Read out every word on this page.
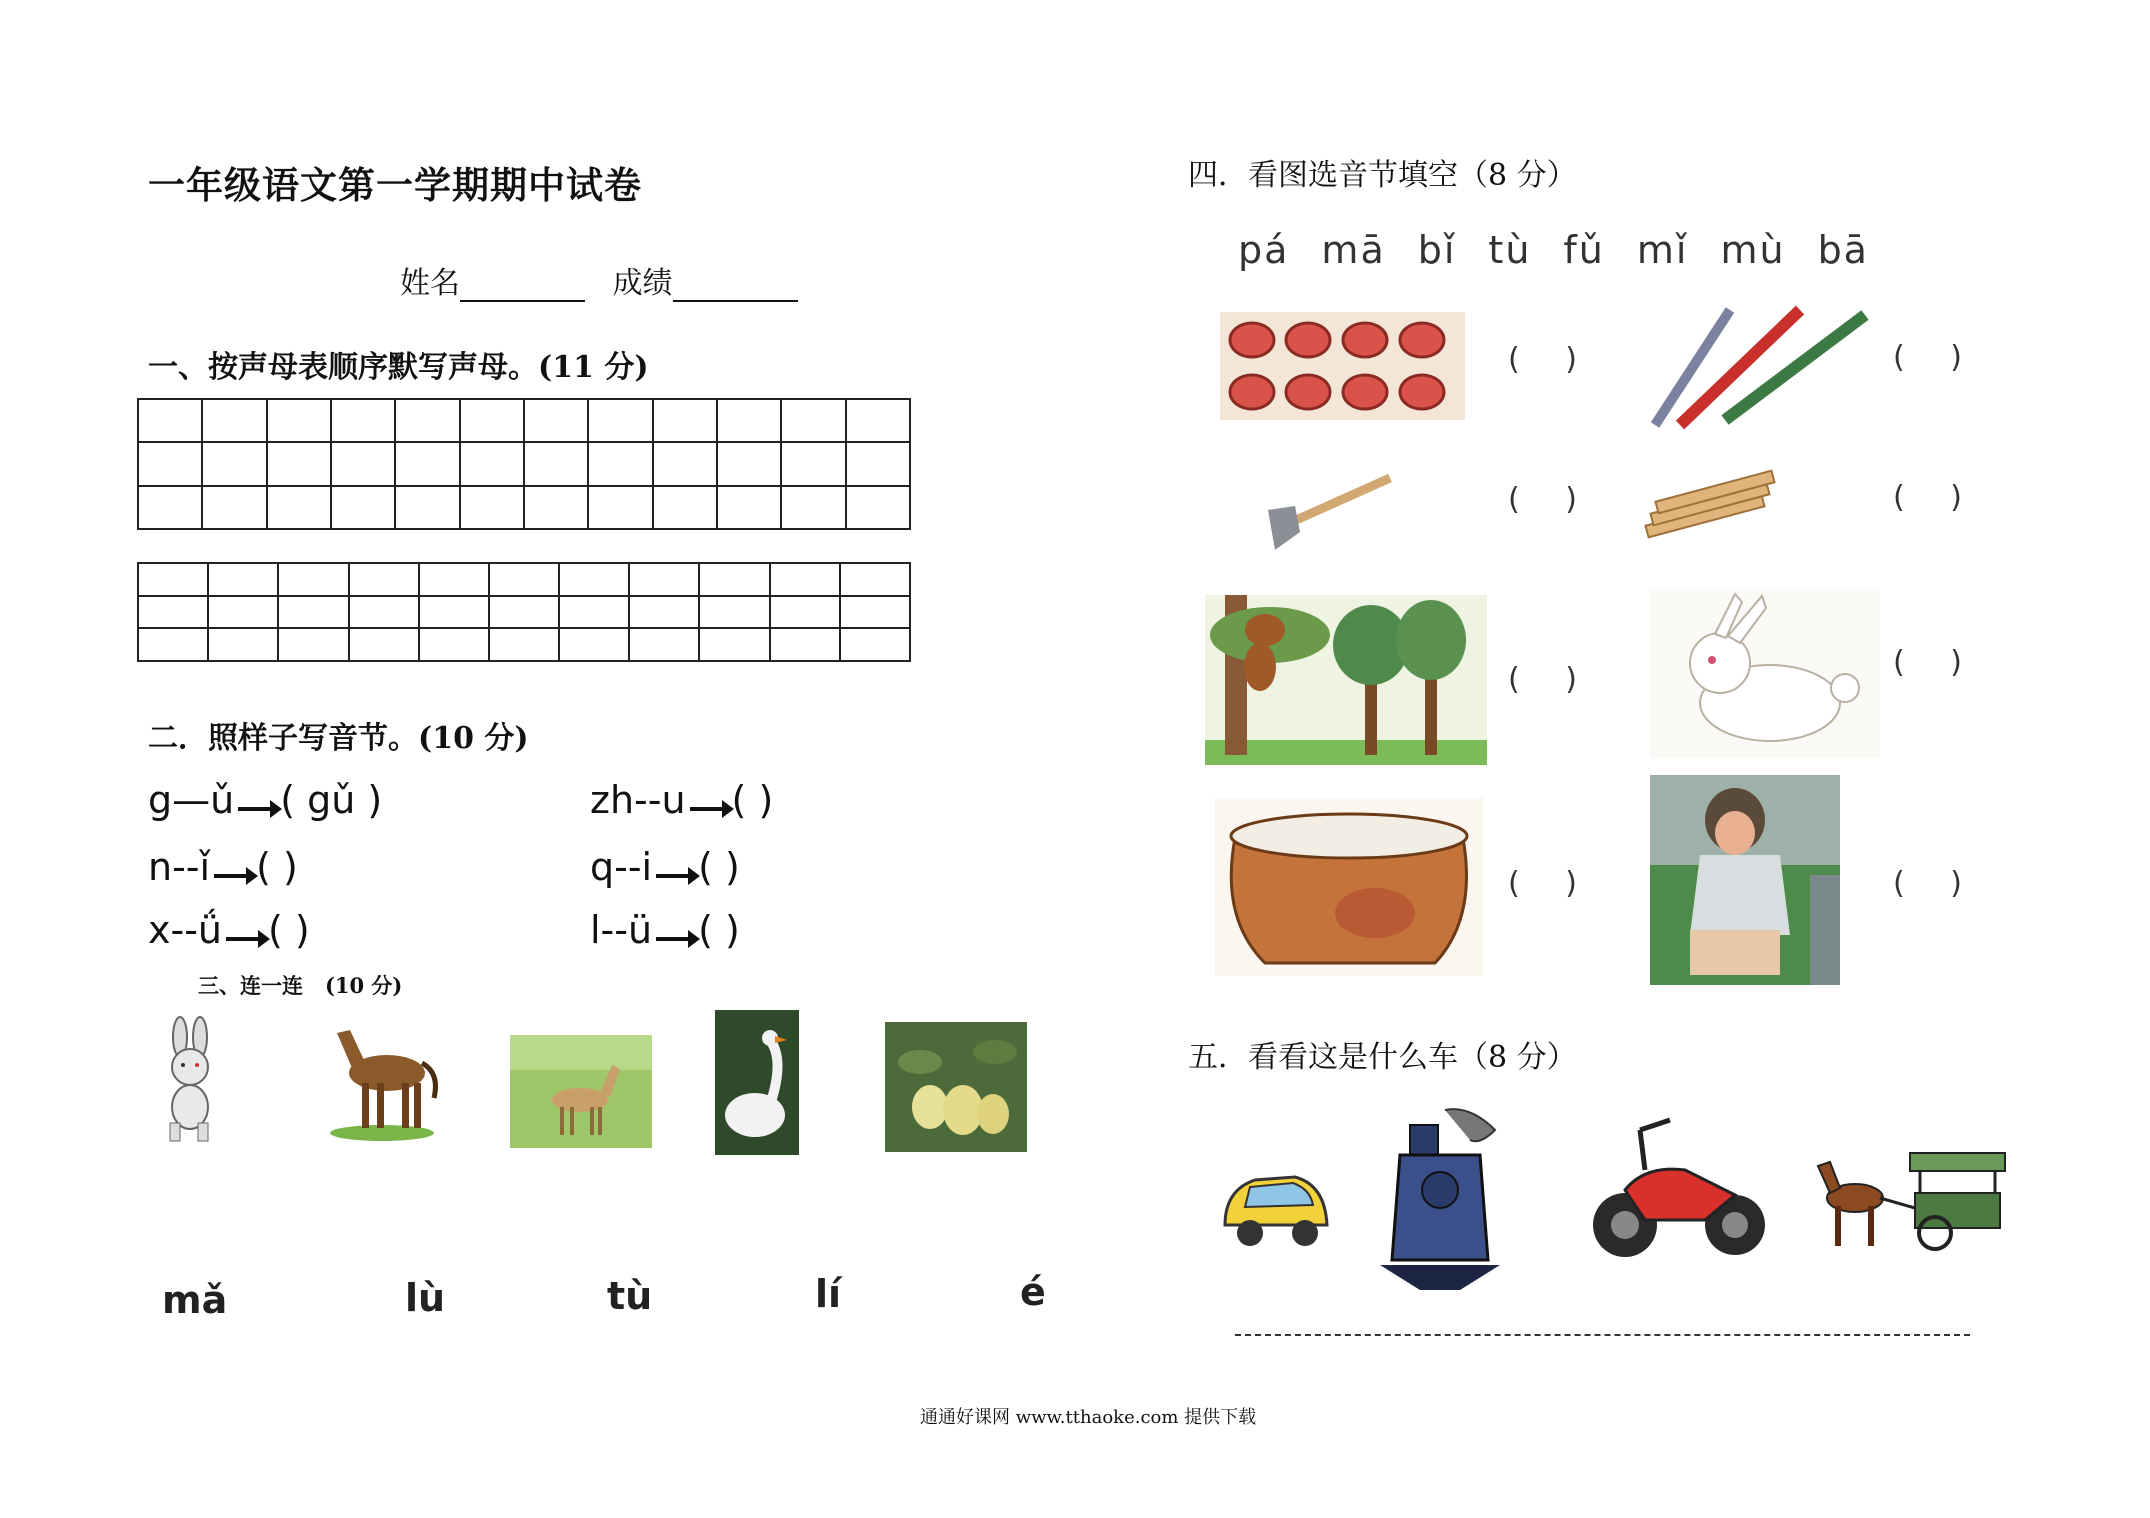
一年级语文第一学期期中试卷
姓名	成绩
一、按声母表顺序默写声母。(11 分)

二．照样子写音节。(10 分)
g—ǔ ( gǔ )	zh--u ( )
n--ǐ ( )	q--i ( )
x--ǘ ( )	l--ü ( )
三、连一连 (10 分)
mǎ	lù	tù	lí	é
四．看图选音节填空（8 分）
pá mā bǐ tù fǔ mǐ mù bā
( )	( )
( )	( )
( )	( )
( )	( )
五．看看这是什么车（8 分）
通通好课网 www.tthaoke.com 提供下载
